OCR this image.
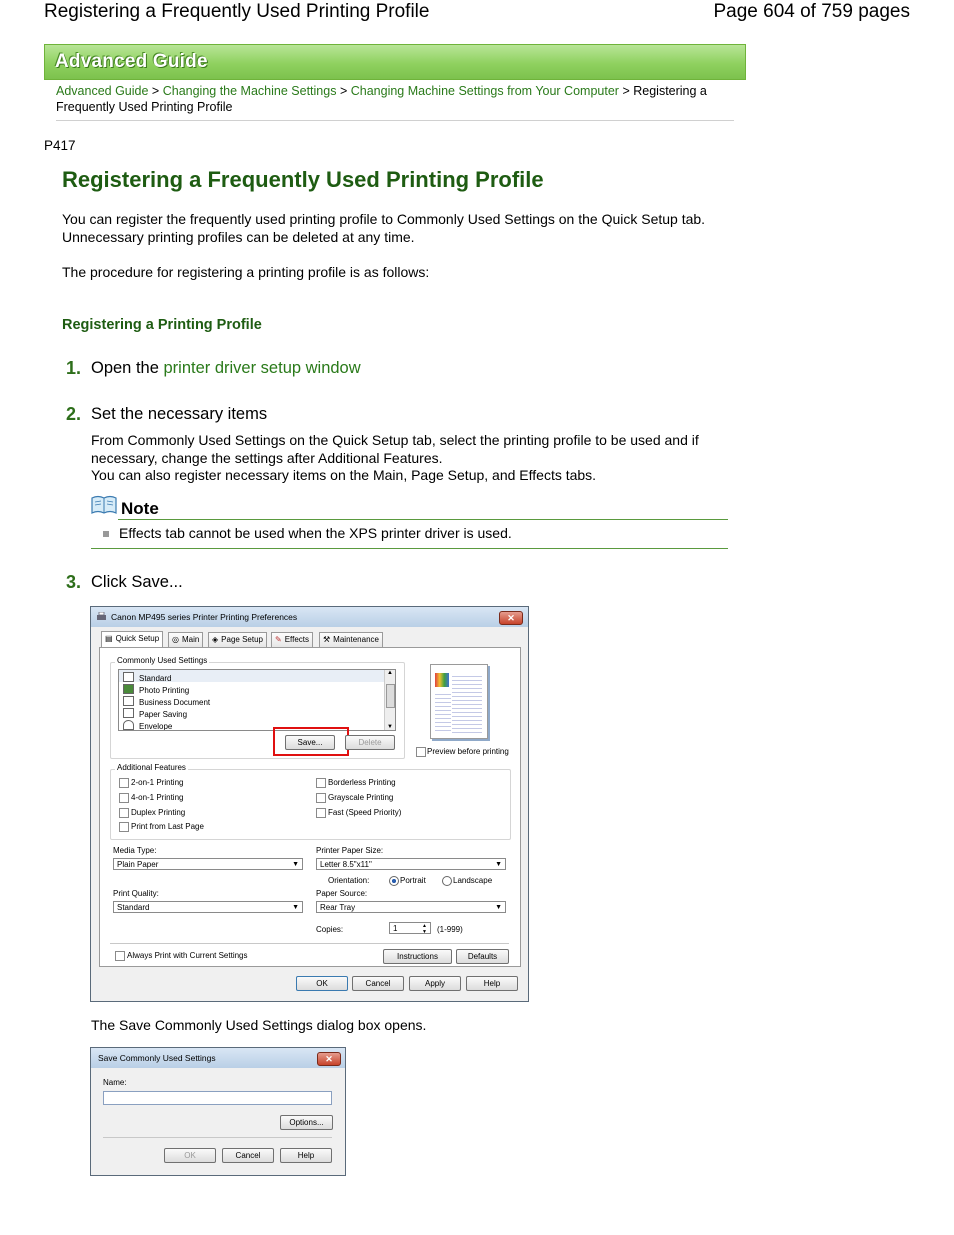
Registering a Frequently Used Printing Profile	Page 604 of 759 pages
Advanced Guide
Advanced Guide > Changing the Machine Settings > Changing Machine Settings from Your Computer > Registering a Frequently Used Printing Profile
P417
Registering a Frequently Used Printing Profile
You can register the frequently used printing profile to Commonly Used Settings on the Quick Setup tab.
Unnecessary printing profiles can be deleted at any time.
The procedure for registering a printing profile is as follows:
Registering a Printing Profile
1. Open the printer driver setup window
2. Set the necessary items
From Commonly Used Settings on the Quick Setup tab, select the printing profile to be used and if
necessary, change the settings after Additional Features.
You can also register necessary items on the Main, Page Setup, and Effects tabs.
Note
Effects tab cannot be used when the XPS printer driver is used.
3. Click Save...
Canon MP495 series Printer Printing Preferences	✕
▤ Quick Setup	◎ Main	◈ Page Setup	✎ Effects	⚒ Maintenance
Commonly Used Settings
Standard
Photo Printing
Business Document
Paper Saving
Envelope
▲
▼
Save...	Delete
Preview before printing
Additional Features
2-on-1 Printing
4-on-1 Printing
Duplex Printing
Print from Last Page
Borderless Printing
Grayscale Printing
Fast (Speed Priority)
Media Type:
Plain Paper	▼
Printer Paper Size:
Letter 8.5"x11"	▼
Orientation:	Portrait	Landscape
Print Quality:
Standard	▼
Paper Source:
Rear Tray	▼
Copies:	1	▲
▼ (1-999)
Always Print with Current Settings	Instructions	Defaults
OK	Cancel	Apply	Help
The Save Commonly Used Settings dialog box opens.
Save Commonly Used Settings	✕
Name:
Options...
OK	Cancel	Help
